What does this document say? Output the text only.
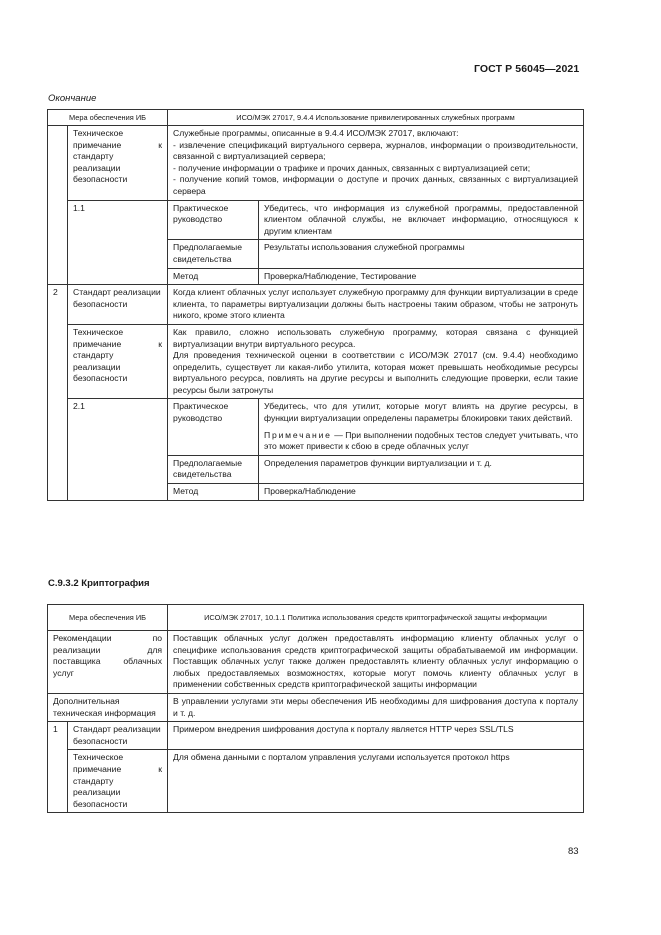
ГОСТ Р 56045—2021
Окончание
Мера обеспечения ИБ		ИСО/МЭК 27017, 9.4.4 Использование привилегированных служебных программ	
	Техническое примечание к стандарту реализации безопасности	Служебные программы, описанные в 9.4.4 ИСО/МЭК 27017, включают:
- извлечение спецификаций виртуального сервера, журналов, информации о производительности, связанной с виртуализацией сервера;
- получение информации о трафике и прочих данных, связанных с виртуализацией сети;
- получение копий томов, информации о доступе и прочих данных, связанных с виртуализацией сервера	
	1.1	Практическое руководство	Убедитесь, что информация из служебной программы, предоставленной клиентом облачной службы, не включает информацию, относящуюся к другим клиентам
		Предполагаемые свидетельства	Результаты использования служебной программы
		Метод	Проверка/Наблюдение, Тестирование
2	Стандарт реализации безопасности	Когда клиент облачных услуг использует служебную программу для функции виртуализации в среде клиента, то параметры виртуализации должны быть настроены таким образом, чтобы не затронуть никого, кроме этого клиента	
	Техническое примечание к стандарту реализации безопасности	Как правило, сложно использовать служебную программу, которая связана с функцией виртуализации внутри виртуального ресурса.
Для проведения технической оценки в соответствии с ИСО/МЭК 27017 (см. 9.4.4) необходимо определить, существует ли какая-либо утилита, которая может превышать необходимые ресурсы виртуального ресурса, повлиять на другие ресурсы и выполнить следующие проверки, если такие ресурсы были затронуты	
	2.1	Практическое руководство	Убедитесь, что для утилит, которые могут влиять на другие ресурсы, в функции виртуализации определены параметры блокировки таких действий.
Примечание — При выполнении подобных тестов следует учитывать, что это может привести к сбою в среде облачных услуг

		Предполагаемые свидетельства	Определения параметров функции виртуализации и т. д.
		Метод	Проверка/Наблюдение
С.9.3.2 Криптография
Мера обеспечения ИБ		ИСО/МЭК 27017, 10.1.1 Политика использования средств криптографической защиты информации
Рекомендации по реализации для поставщика облачных услуг		Поставщик облачных услуг должен предоставлять информацию клиенту облачных услуг о специфике использования средств криптографической защиты обрабатываемой им информации. Поставщик облачных услуг также должен предоставлять клиенту облачных услуг информацию о любых предоставляемых возможностях, которые могут помочь клиенту облачных услуг в применении собственных средств криптографической защиты информации
Дополнительная техническая информация		В управлении услугами эти меры обеспечения ИБ необходимы для шифрования доступа к порталу и т. д.
1	Стандарт реализации безопасности	Примером внедрения шифрования доступа к порталу является HTTP через SSL/TLS
	Техническое примечание к стандарту реализации безопасности	Для обмена данными с порталом управления услугами используется протокол https
83
